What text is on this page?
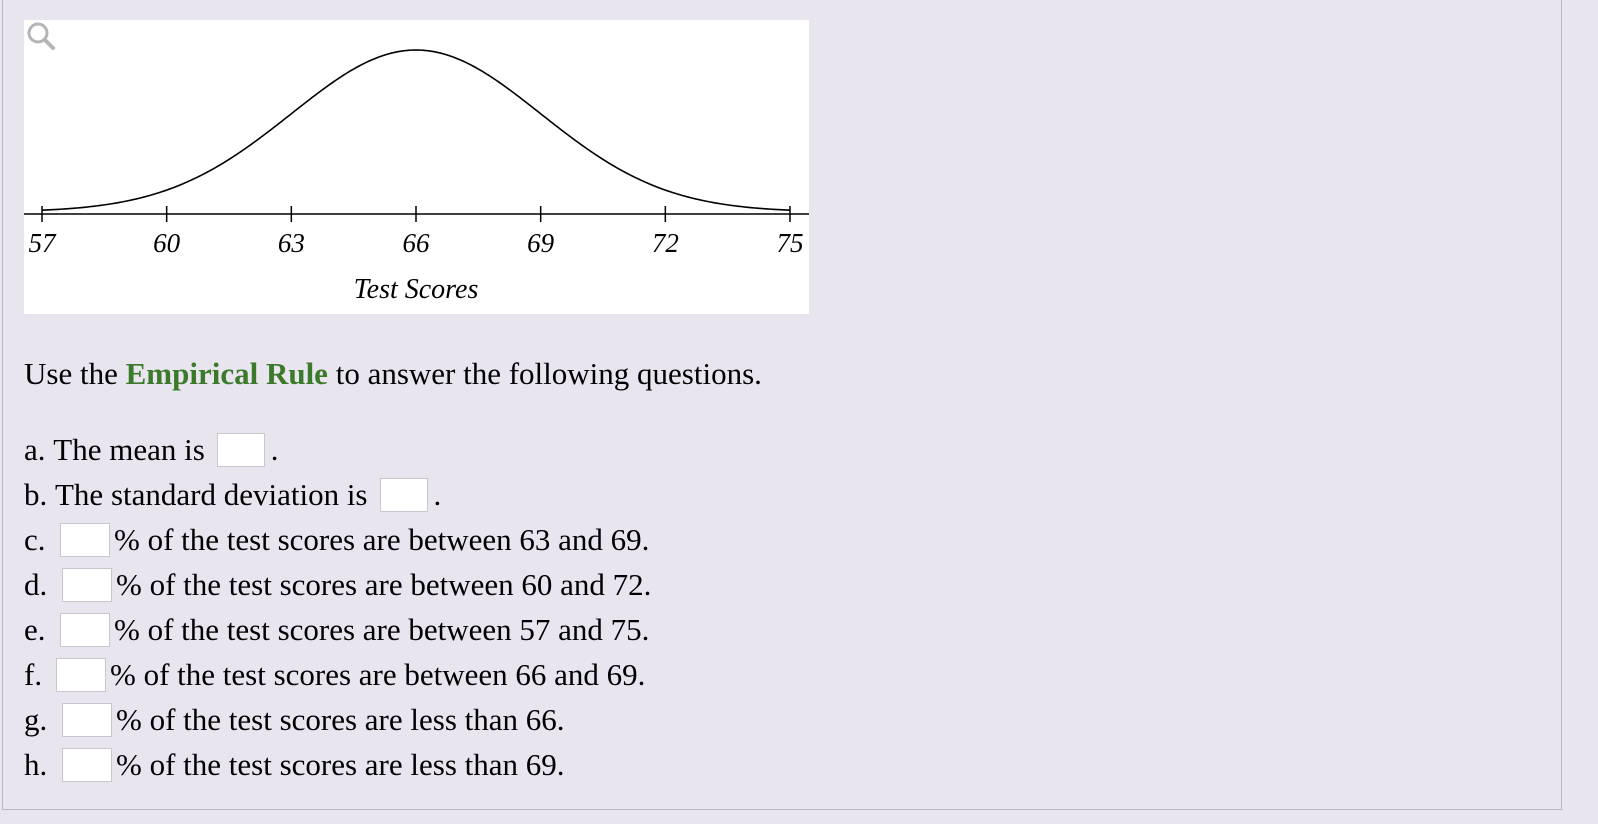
57	60	63	66	69	72	75
Test Scores
Use the Empirical Rule to answer the following questions.
a.
The mean is .
b.
The standard deviation is .
c.	% of the test scores are between 63 and 69.
d.	% of the test scores are between 60 and 72.
e.	% of the test scores are between 57 and 75.
f.	% of the test scores are between 66 and 69.
g.	% of the test scores are less than 66.
h.	% of the test scores are less than 69.
